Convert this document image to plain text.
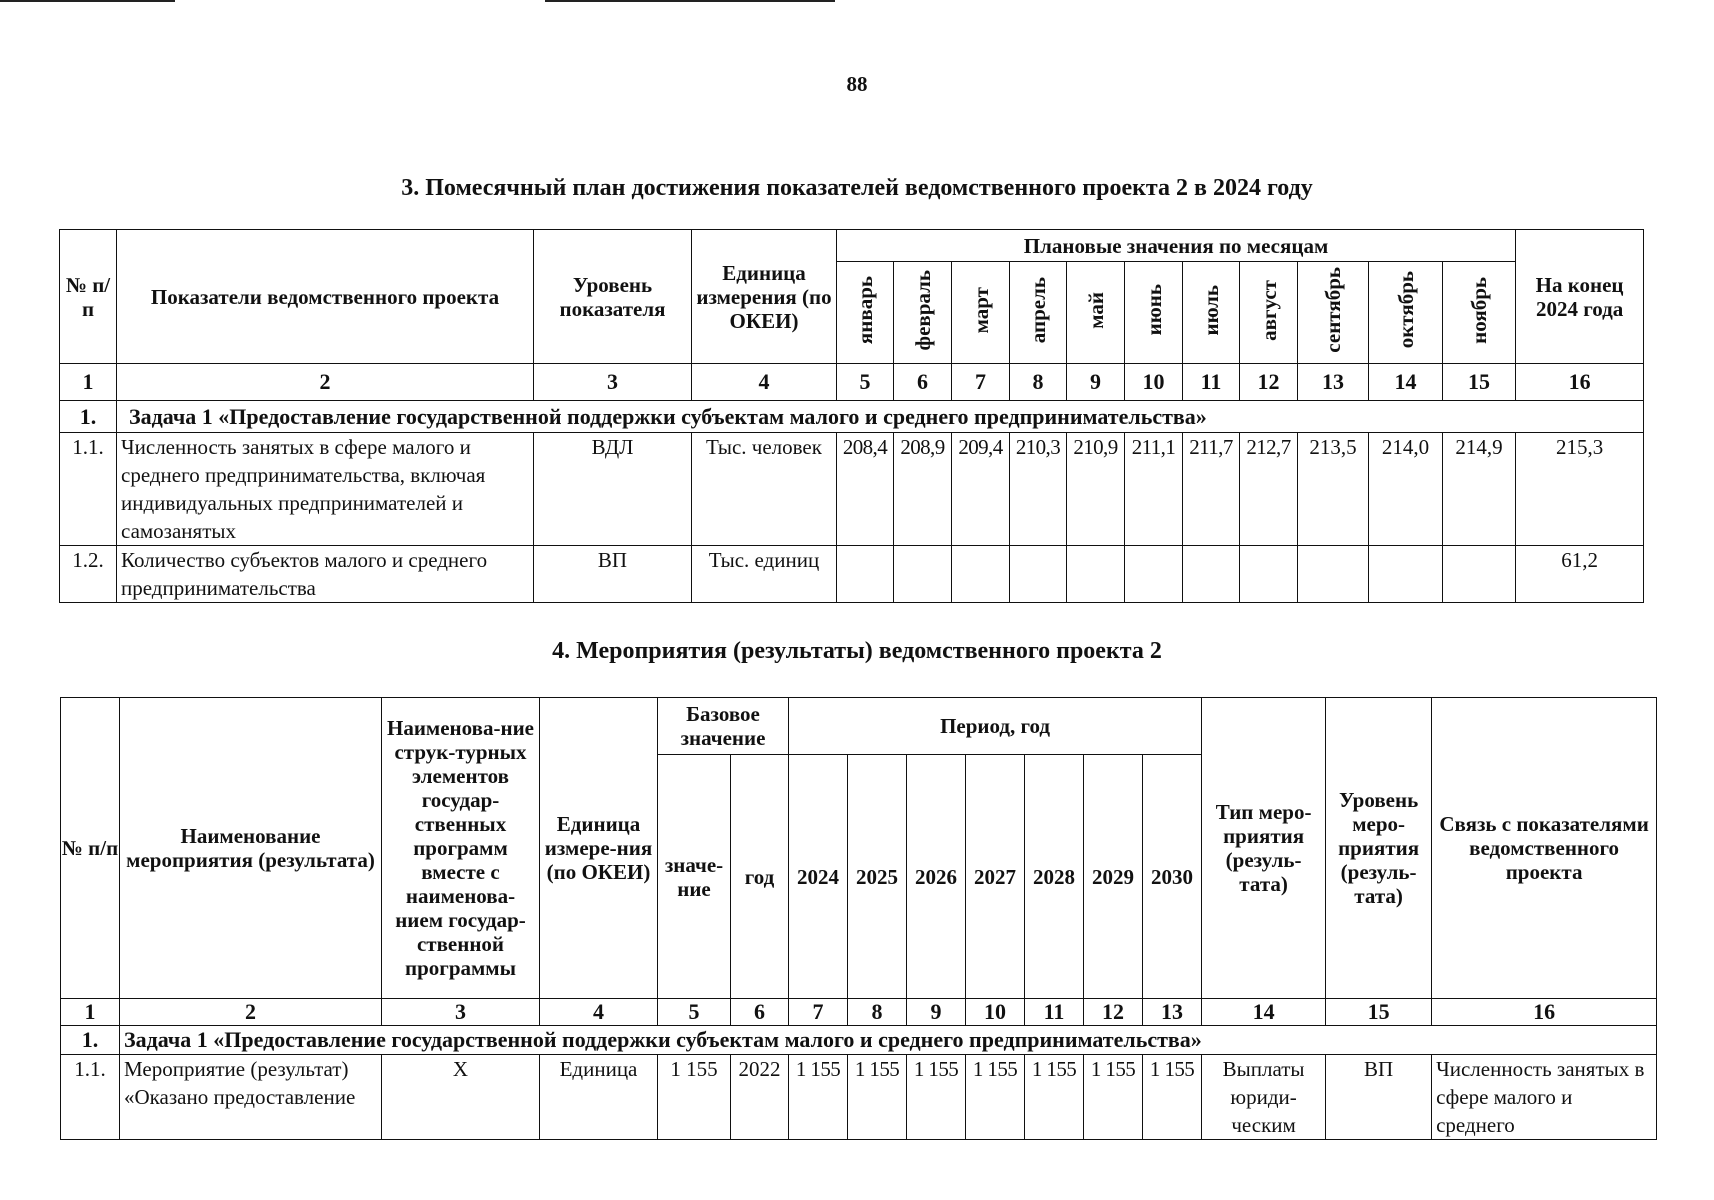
88
3. Помесячный план достижения показателей ведомственного проекта 2 в 2024 году
№ п/п	Показатели ведомственного проекта	Уровень показателя	Единица измерения (по ОКЕИ)	Плановые значения по месяцам											На конец 2024 года
				январь	февраль	март	апрель	май	июнь	июль	август	сентябрь	октябрь	ноябрь	
1	2	3	4	5	6	7	8	9	10	11	12	13	14	15	16
1.	Задача 1 «Предоставление государственной поддержки субъектам малого и среднего предпринимательства»														
1.1.	Численность занятых в сфере малого и среднего предпринимательства, включая индивидуальных предпринимателей и самозанятых	ВДЛ	Тыс. человек	208,4	208,9	209,4	210,3	210,9	211,1	211,7	212,7	213,5	214,0	214,9	215,3
1.2.	Количество субъектов малого и среднего предпринимательства	ВП	Тыс. единиц												61,2
4. Мероприятия (результаты) ведомственного проекта 2
№ п/п	Наименование мероприятия (результата)	Наименова-ние струк-турных элементов государ-ственных программ вместе с наименова-нием государ-ственной программы	Единица измере-ния (по ОКЕИ)	Базовое значение		Период, год							Тип меро-приятия (резуль-тата)	Уровень меро-приятия (резуль-тата)	Связь с показателями ведомственного проекта
				значе-ние	год	2024	2025	2026	2027	2028	2029	2030			
1	2	3	4	5	6	7	8	9	10	11	12	13	14	15	16
1.	Задача 1 «Предоставление государственной поддержки субъектам малого и среднего предпринимательства»														
1.1.	Мероприятие (результат) «Оказано предоставление	X	Единица	1 155	2022	1 155	1 155	1 155	1 155	1 155	1 155	1 155	Выплаты юриди-ческим	ВП	Численность занятых в сфере малого и среднего
